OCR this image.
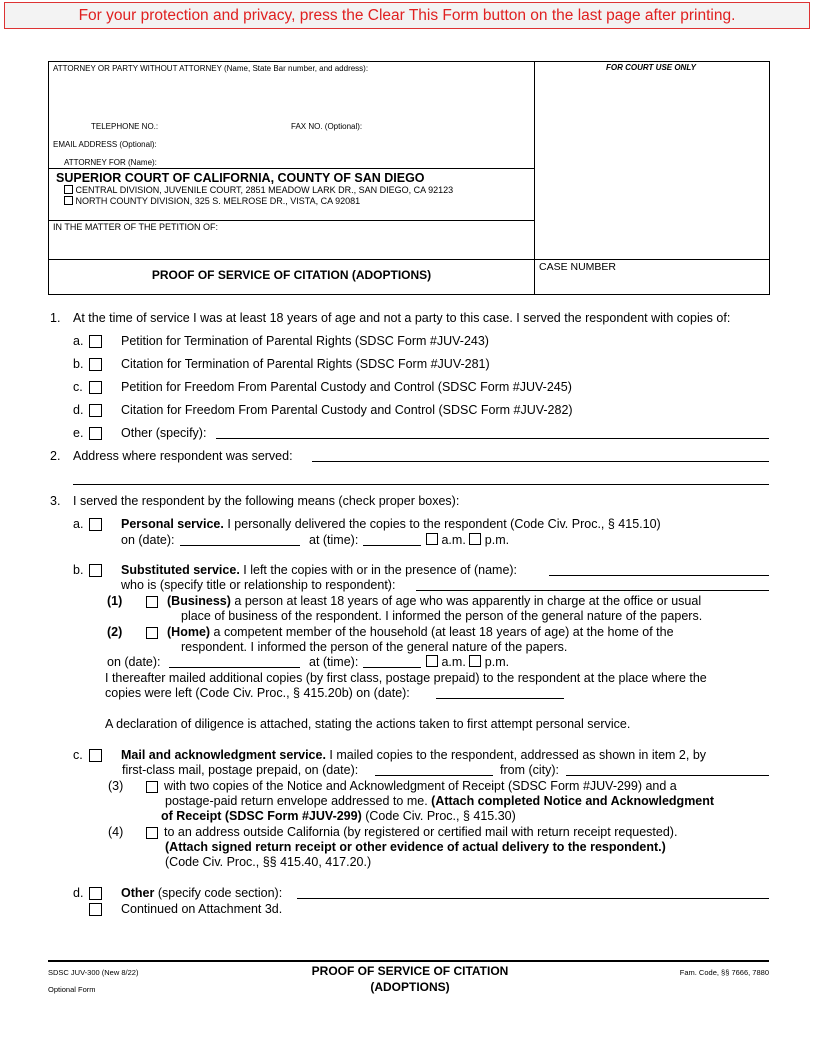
For your protection and privacy, press the Clear This Form button on the last page after printing.
ATTORNEY OR PARTY WITHOUT ATTORNEY (Name, State Bar number, and address):	FOR COURT USE ONLY
TELEPHONE NO.:	FAX NO. (Optional):
EMAIL ADDRESS (Optional):
ATTORNEY FOR (Name):
SUPERIOR COURT OF CALIFORNIA, COUNTY OF SAN DIEGO
CENTRAL DIVISION, JUVENILE COURT, 2851 MEADOW LARK DR., SAN DIEGO, CA 92123
NORTH COUNTY DIVISION, 325 S. MELROSE DR., VISTA, CA 92081
IN THE MATTER OF THE PETITION OF:
PROOF OF SERVICE OF CITATION (ADOPTIONS)
CASE NUMBER
1. At the time of service I was at least 18 years of age and not a party to this case. I served the respondent with copies of:
a.	Petition for Termination of Parental Rights (SDSC Form #JUV-243)
b.	Citation for Termination of Parental Rights (SDSC Form #JUV-281)
c.	Petition for Freedom From Parental Custody and Control (SDSC Form #JUV-245)
d.	Citation for Freedom From Parental Custody and Control (SDSC Form #JUV-282)
e.	Other (specify):
2. Address where respondent was served:
3. I served the respondent by the following means (check proper boxes):
a.	Personal service. I personally delivered the copies to the respondent (Code Civ. Proc., § 415.10)
on (date):	at (time):	a.m. p.m.
b.	Substituted service. I left the copies with or in the presence of (name):
who is (specify title or relationship to respondent):
(1)	(Business) a person at least 18 years of age who was apparently in charge at the office or usual
place of business of the respondent. I informed the person of the general nature of the papers.
(2)	(Home) a competent member of the household (at least 18 years of age) at the home of the
respondent. I informed the person of the general nature of the papers.
on (date):	at (time):	a.m. p.m.
I thereafter mailed additional copies (by first class, postage prepaid) to the respondent at the place where the
copies were left (Code Civ. Proc., § 415.20b) on (date):
A declaration of diligence is attached, stating the actions taken to first attempt personal service.
c.	Mail and acknowledgment service. I mailed copies to the respondent, addressed as shown in item 2, by
first-class mail, postage prepaid, on (date):	from (city):
(3)	with two copies of the Notice and Acknowledgment of Receipt (SDSC Form #JUV-299) and a
postage-paid return envelope addressed to me. (Attach completed Notice and Acknowledgment
of Receipt (SDSC Form #JUV-299) (Code Civ. Proc., § 415.30)
(4)	to an address outside California (by registered or certified mail with return receipt requested).
(Attach signed return receipt or other evidence of actual delivery to the respondent.)
(Code Civ. Proc., §§ 415.40, 417.20.)
d.	Other (specify code section):
Continued on Attachment 3d.
SDSC JUV-300 (New 8/22)
Optional Form
PROOF OF SERVICE OF CITATION
(ADOPTIONS)
Fam. Code, §§ 7666, 7880
